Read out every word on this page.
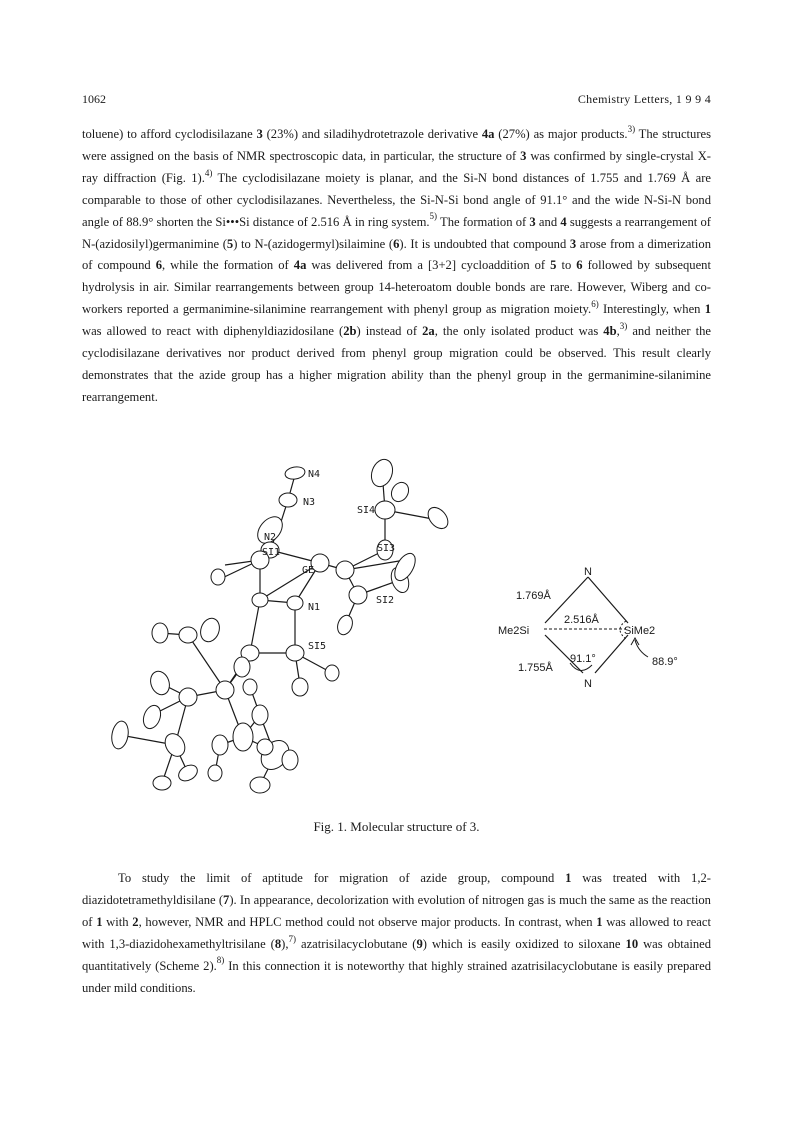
1062	Chemistry Letters, 1 9 9 4

toluene) to afford cyclodisilazane 3 (23%) and siladihydrotetrazole derivative 4a (27%) as major products.$^{3)}$ The structures were assigned on the basis of NMR spectroscopic data, in particular, the structure of 3 was confirmed by single-crystal X-ray diffraction (Fig. 1).$^{4)}$ The cyclodisilazane moiety is planar, and the Si-N bond distances of 1.755 and 1.769 Å are comparable to those of other cyclodisilazanes. Nevertheless, the Si-N-Si bond angle of 91.1° and the wide N-Si-N bond angle of 88.9° shorten the Si•••Si distance of 2.516 Å in ring system.$^{5)}$ The formation of 3 and 4 suggests a rearrangement of N-(azidosilyl)germanimine (5) to N-(azidogermyl)silaimine (6). It is undoubted that compound 3 arose from a dimerization of compound 6, while the formation of 4a was delivered from a [3+2] cycloaddition of 5 to 6 followed by subsequent hydrolysis in air. Similar rearrangements between group 14-heteroatom double bonds are rare. However, Wiberg and co-workers reported a germanimine-silanimine rearrangement with phenyl group as migration moiety.$^{6)}$ Interestingly, when 1 was allowed to react with diphenyldiazidosilane (2b) instead of 2a, the only isolated product was 4b,$^{3)}$ and neither the cyclodisilazane derivatives nor product derived from phenyl group migration could be observed. This result clearly demonstrates that the azide group has a higher migration ability than the phenyl group in the germanimine-silanimine rearrangement.

N4
N3
N2
SI1
GE
SI3
SI4
N1
SI2
SI5
N
N
Me2Si	SiMe2
1.769Å
1.755Å
2.516Å
91.1°	88.9°
Fig. 1. Molecular structure of 3.

To study the limit of aptitude for migration of azide group, compound 1 was treated with 1,2-diazidotetramethyldisilane (7). In appearance, decolorization with evolution of nitrogen gas is much the same as the reaction of 1 with 2, however, NMR and HPLC method could not observe major products. In contrast, when 1 was allowed to react with 1,3-diazidohexamethyltrisilane (8),$^{7)}$ azatrisilacyclobutane (9) which is easily oxidized to siloxane 10 was obtained quantitatively (Scheme 2).$^{8)}$ In this connection it is noteworthy that highly strained azatrisilacyclobutane is easily prepared under mild conditions.
